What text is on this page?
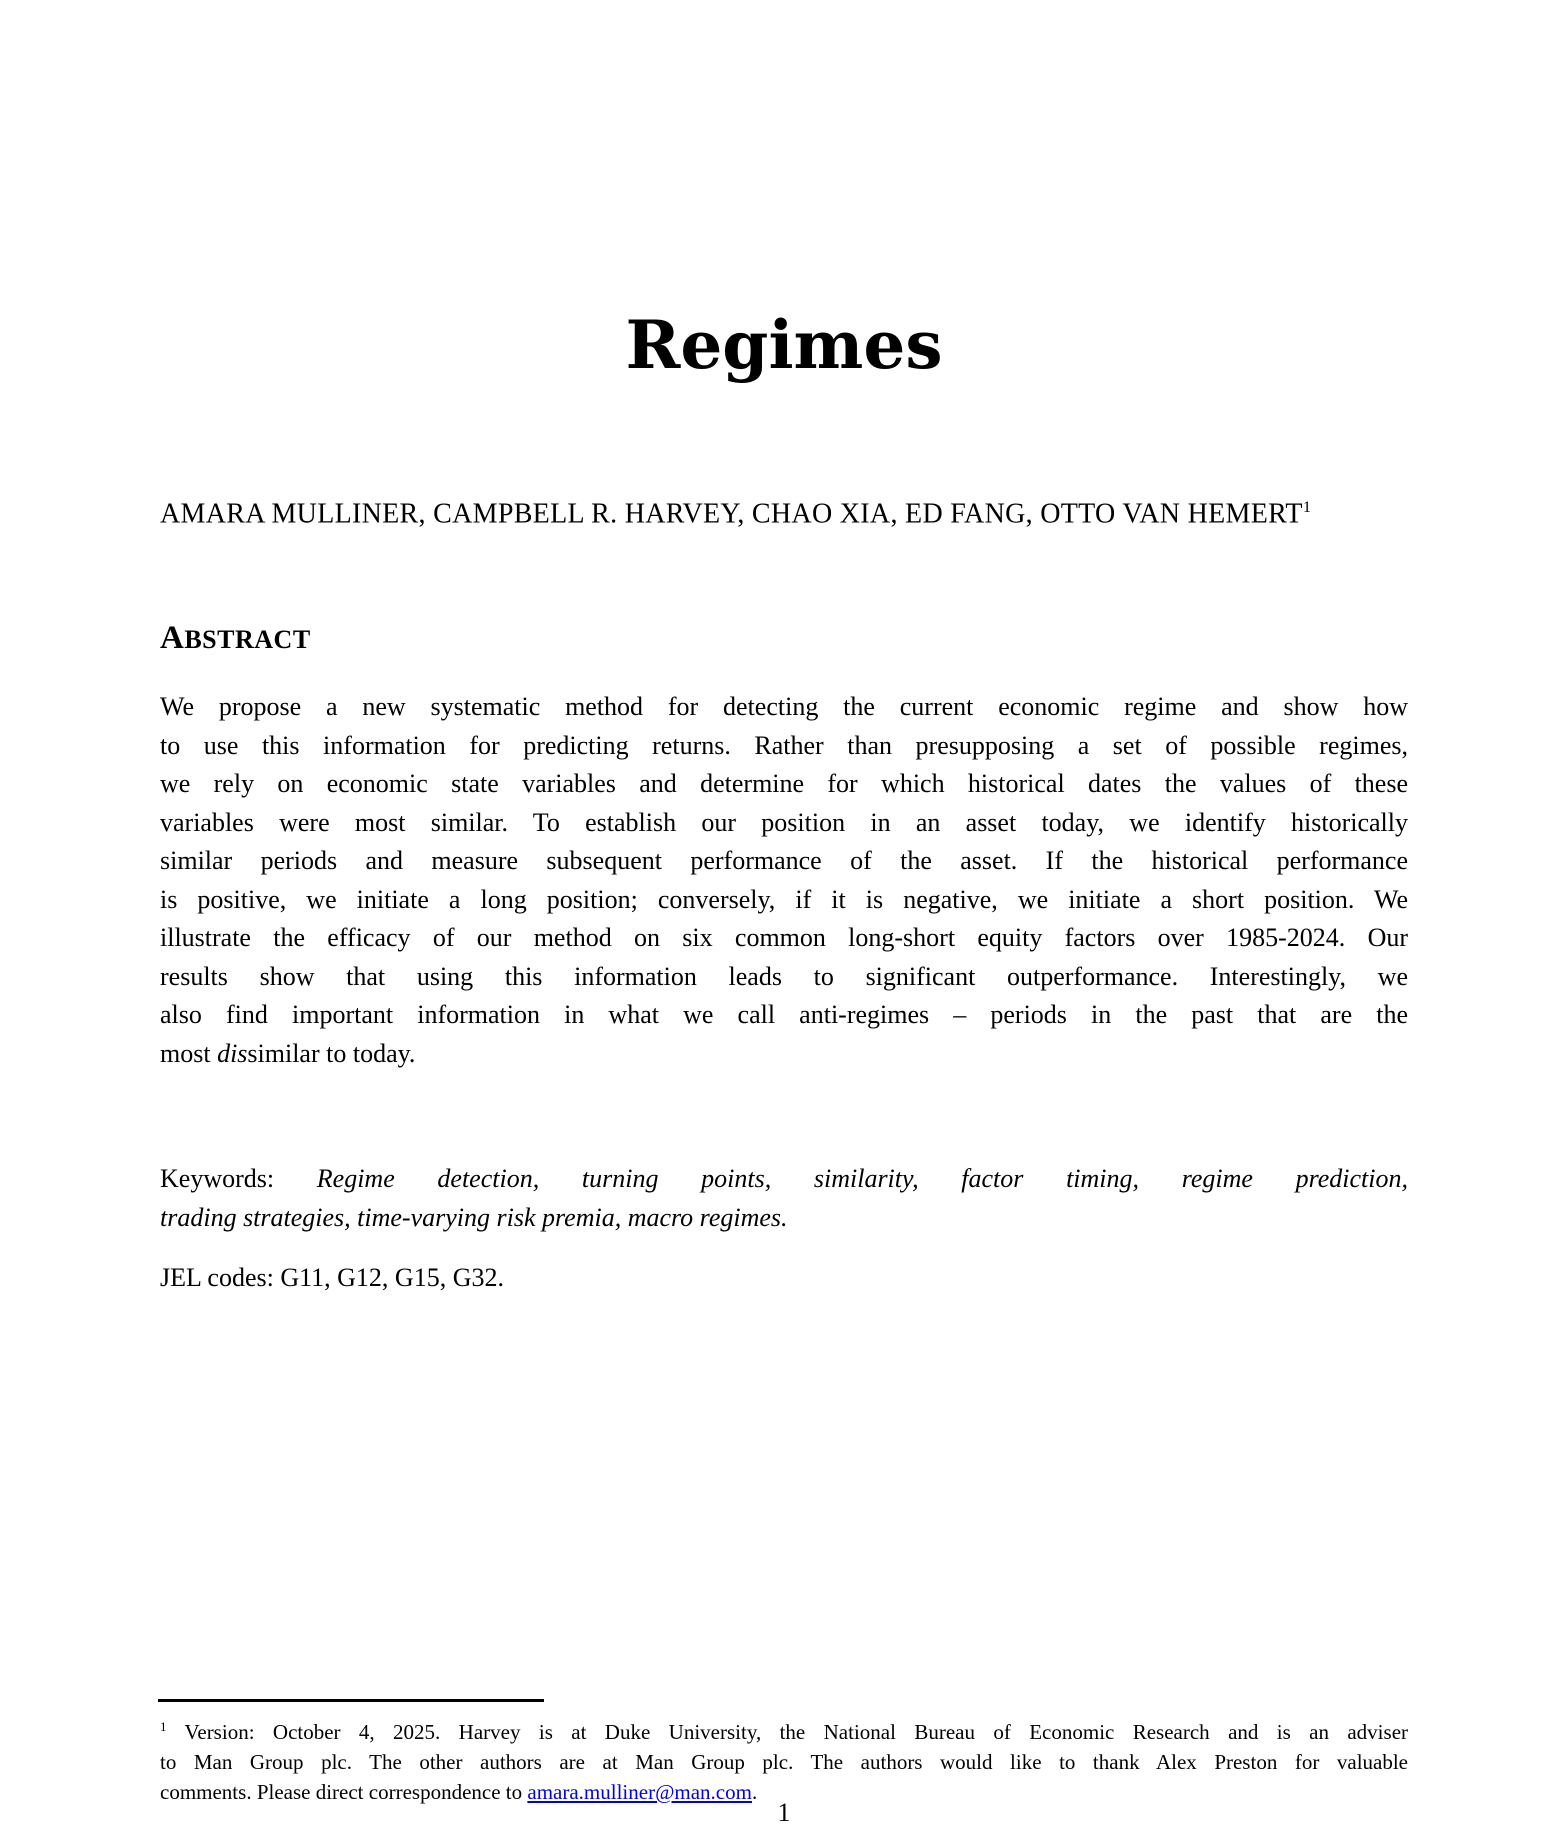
Regimes
AMARA MULLINER, CAMPBELL R. HARVEY, CHAO XIA, ED FANG, OTTO VAN HEMERT$^1$
ABSTRACT
We propose a new systematic method for detecting the current economic regime and show how
to use this information for predicting returns. Rather than presupposing a set of possible regimes,
we rely on economic state variables and determine for which historical dates the values of these
variables were most similar. To establish our position in an asset today, we identify historically
similar periods and measure subsequent performance of the asset. If the historical performance
is positive, we initiate a long position; conversely, if it is negative, we initiate a short position. We
illustrate the efficacy of our method on six common long-short equity factors over 1985-2024. Our
results show that using this information leads to significant outperformance. Interestingly, we
also find important information in what we call anti-regimes – periods in the past that are the
most dissimilar to today.
Keywords: Regime detection, turning points, similarity, factor timing, regime prediction,
trading strategies, time-varying risk premia, macro regimes.
JEL codes: G11, G12, G15, G32.
$^1$ Version: October 4, 2025. Harvey is at Duke University, the National Bureau of Economic Research and is an adviser
to Man Group plc. The other authors are at Man Group plc. The authors would like to thank Alex Preston for valuable
comments. Please direct correspondence to amara.mulliner@man.com.
1
